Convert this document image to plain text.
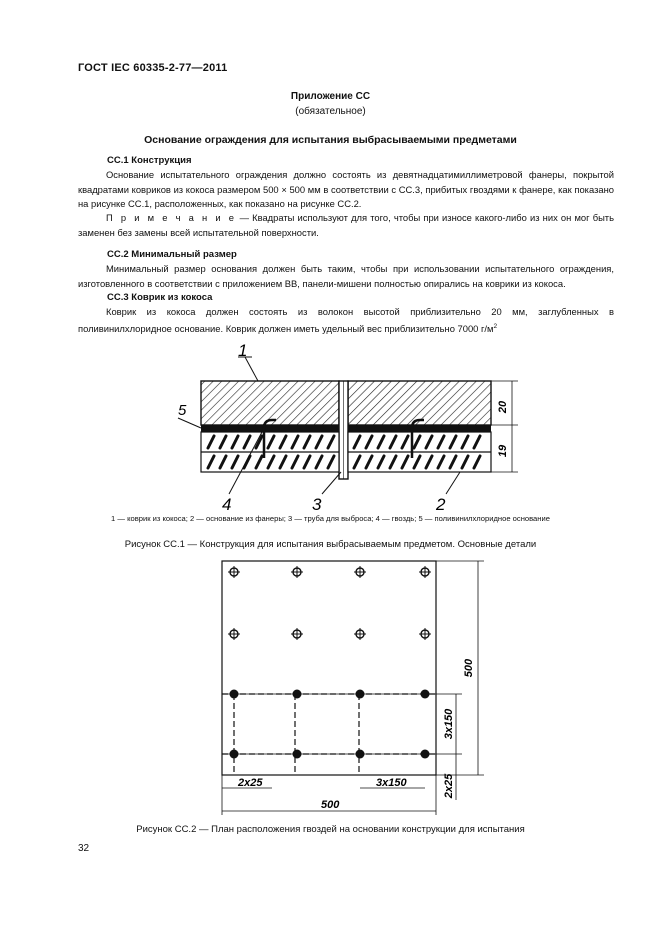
ГОСТ IEC 60335-2-77—2011
Приложение СС
(обязательное)
Основание ограждения для испытания выбрасываемыми предметами
СС.1 Конструкция
Основание испытательного ограждения должно состоять из девятнадцатимиллиметровой фанеры, покрытой квадратами ковриков из кокоса размером 500 × 500 мм в соответствии с СС.3, прибитых гвоздями к фанере, как показано на рисунке СС.1, расположенных, как показано на рисунке СС.2.
П р и м е ч а н и е — Квадраты используют для того, чтобы при износе какого-либо из них он мог быть заменен без замены всей испытательной поверхности.
СС.2 Минимальный размер
Минимальный размер основания должен быть таким, чтобы при использовании испытательного ограждения, изготовленного в соответствии с приложением ВВ, панели-мишени полностью опирались на коврики из кокоса.
СС.3 Коврик из кокоса
Коврик из кокоса должен состоять из волокон высотой приблизительно 20 мм, заглубленных в поливинилхлоридное основание. Коврик должен иметь удельный вес приблизительно 7000 $г/м^2$
20
19
1
5
4	3	2
1 — коврик из кокоса; 2 — основание из фанеры; 3 — труба для выброса; 4 — гвоздь; 5 — поливинилхлоридное основание
Рисунок СС.1 — Конструкция для испытания выбрасываемым предметом. Основные детали
500
3x150
2x25
2x25	3x150
500
Рисунок СС.2 — План расположения гвоздей на основании конструкции для испытания
32
